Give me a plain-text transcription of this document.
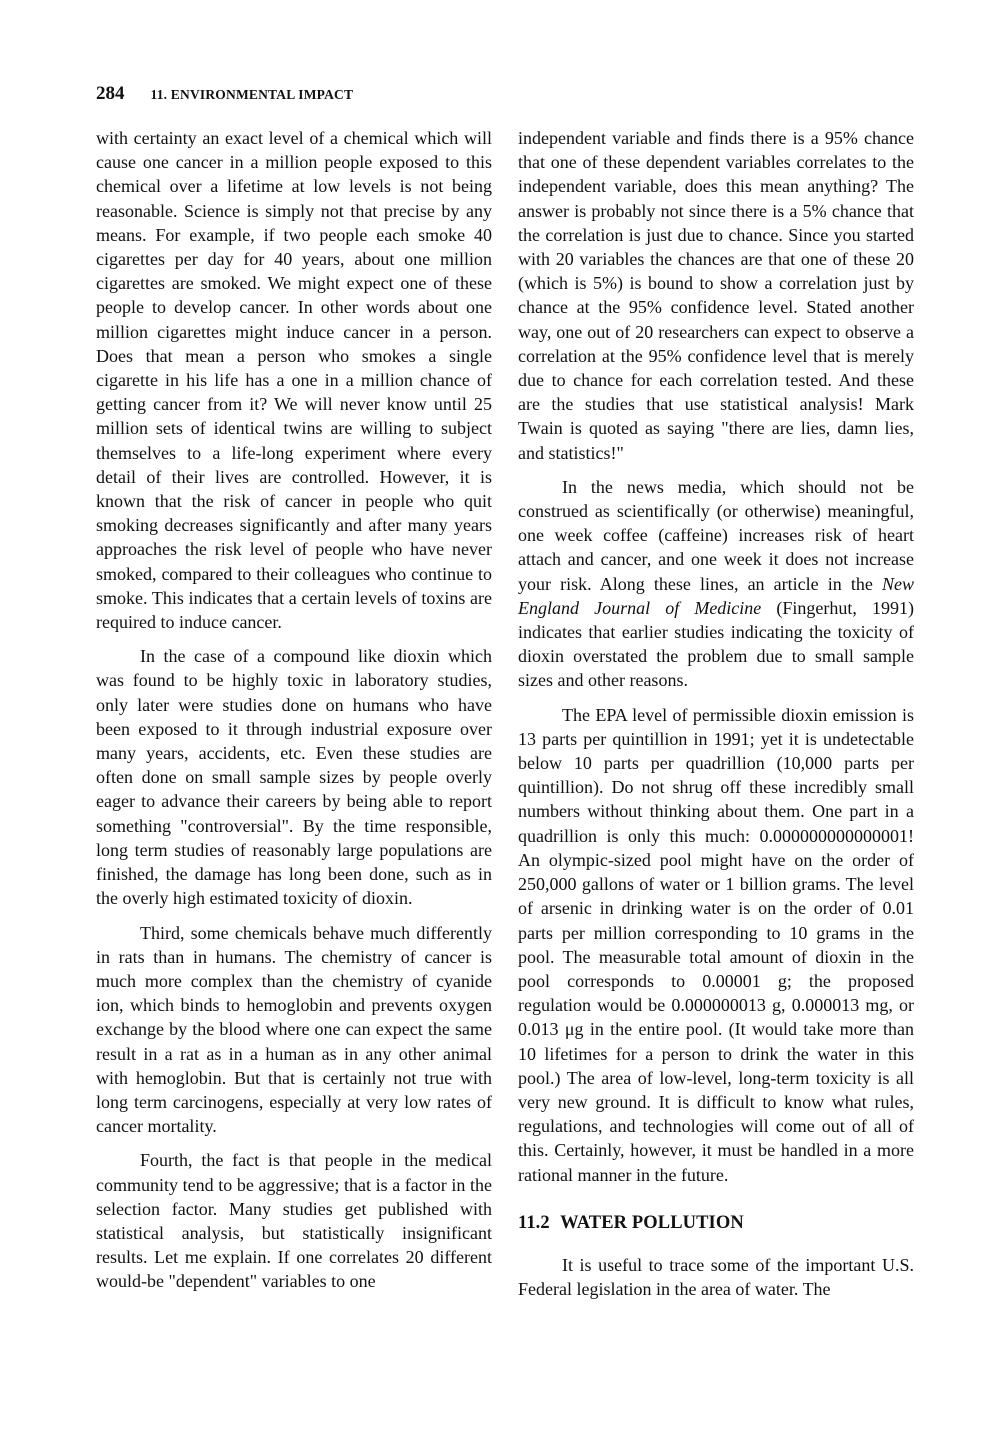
284 11. ENVIRONMENTAL IMPACT

with certainty an exact level of a chemical which will cause one cancer in a million people exposed to this chemical over a lifetime at low levels is not being reasonable. Science is simply not that precise by any means. For example, if two people each smoke 40 cigarettes per day for 40 years, about one million cigarettes are smoked. We might expect one of these people to develop cancer. In other words about one million cigarettes might induce cancer in a person. Does that mean a person who smokes a single cigarette in his life has a one in a million chance of getting cancer from it? We will never know until 25 million sets of identical twins are willing to subject themselves to a life-long experiment where every detail of their lives are controlled. However, it is known that the risk of cancer in people who quit smoking decreases significantly and after many years approaches the risk level of people who have never smoked, compared to their colleagues who continue to smoke. This indicates that a certain levels of toxins are required to induce cancer.

In the case of a compound like dioxin which was found to be highly toxic in laboratory studies, only later were studies done on humans who have been exposed to it through industrial exposure over many years, accidents, etc. Even these studies are often done on small sample sizes by people overly eager to advance their careers by being able to report something "controversial". By the time responsible, long term studies of reasonably large populations are finished, the damage has long been done, such as in the overly high estimated toxicity of dioxin.

Third, some chemicals behave much differently in rats than in humans. The chemistry of cancer is much more complex than the chemistry of cyanide ion, which binds to hemoglobin and prevents oxygen exchange by the blood where one can expect the same result in a rat as in a human as in any other animal with hemoglobin. But that is certainly not true with long term carcinogens, especially at very low rates of cancer mortality.

Fourth, the fact is that people in the medical community tend to be aggressive; that is a factor in the selection factor. Many studies get published with statistical analysis, but statistically insignificant results. Let me explain. If one correlates 20 different would-be "dependent" variables to one

independent variable and finds there is a 95% chance that one of these dependent variables correlates to the independent variable, does this mean anything? The answer is probably not since there is a 5% chance that the correlation is just due to chance. Since you started with 20 variables the chances are that one of these 20 (which is 5%) is bound to show a correlation just by chance at the 95% confidence level. Stated another way, one out of 20 researchers can expect to observe a correlation at the 95% confidence level that is merely due to chance for each correlation tested. And these are the studies that use statistical analysis! Mark Twain is quoted as saying "there are lies, damn lies, and statistics!"

In the news media, which should not be construed as scientifically (or otherwise) meaningful, one week coffee (caffeine) increases risk of heart attach and cancer, and one week it does not increase your risk. Along these lines, an article in the New England Journal of Medicine (Fingerhut, 1991) indicates that earlier studies indicating the toxicity of dioxin overstated the problem due to small sample sizes and other reasons.

The EPA level of permissible dioxin emission is 13 parts per quintillion in 1991; yet it is undetectable below 10 parts per quadrillion (10,000 parts per quintillion). Do not shrug off these incredibly small numbers without thinking about them. One part in a quadrillion is only this much: 0.000000000000001! An olympic-sized pool might have on the order of 250,000 gallons of water or 1 billion grams. The level of arsenic in drinking water is on the order of 0.01 parts per million corresponding to 10 grams in the pool. The measurable total amount of dioxin in the pool corresponds to 0.00001 g; the proposed regulation would be 0.000000013 g, 0.000013 mg, or 0.013 μg in the entire pool. (It would take more than 10 lifetimes for a person to drink the water in this pool.) The area of low-level, long-term toxicity is all very new ground. It is difficult to know what rules, regulations, and technologies will come out of all of this. Certainly, however, it must be handled in a more rational manner in the future.

11.2 WATER POLLUTION

It is useful to trace some of the important U.S. Federal legislation in the area of water. The
